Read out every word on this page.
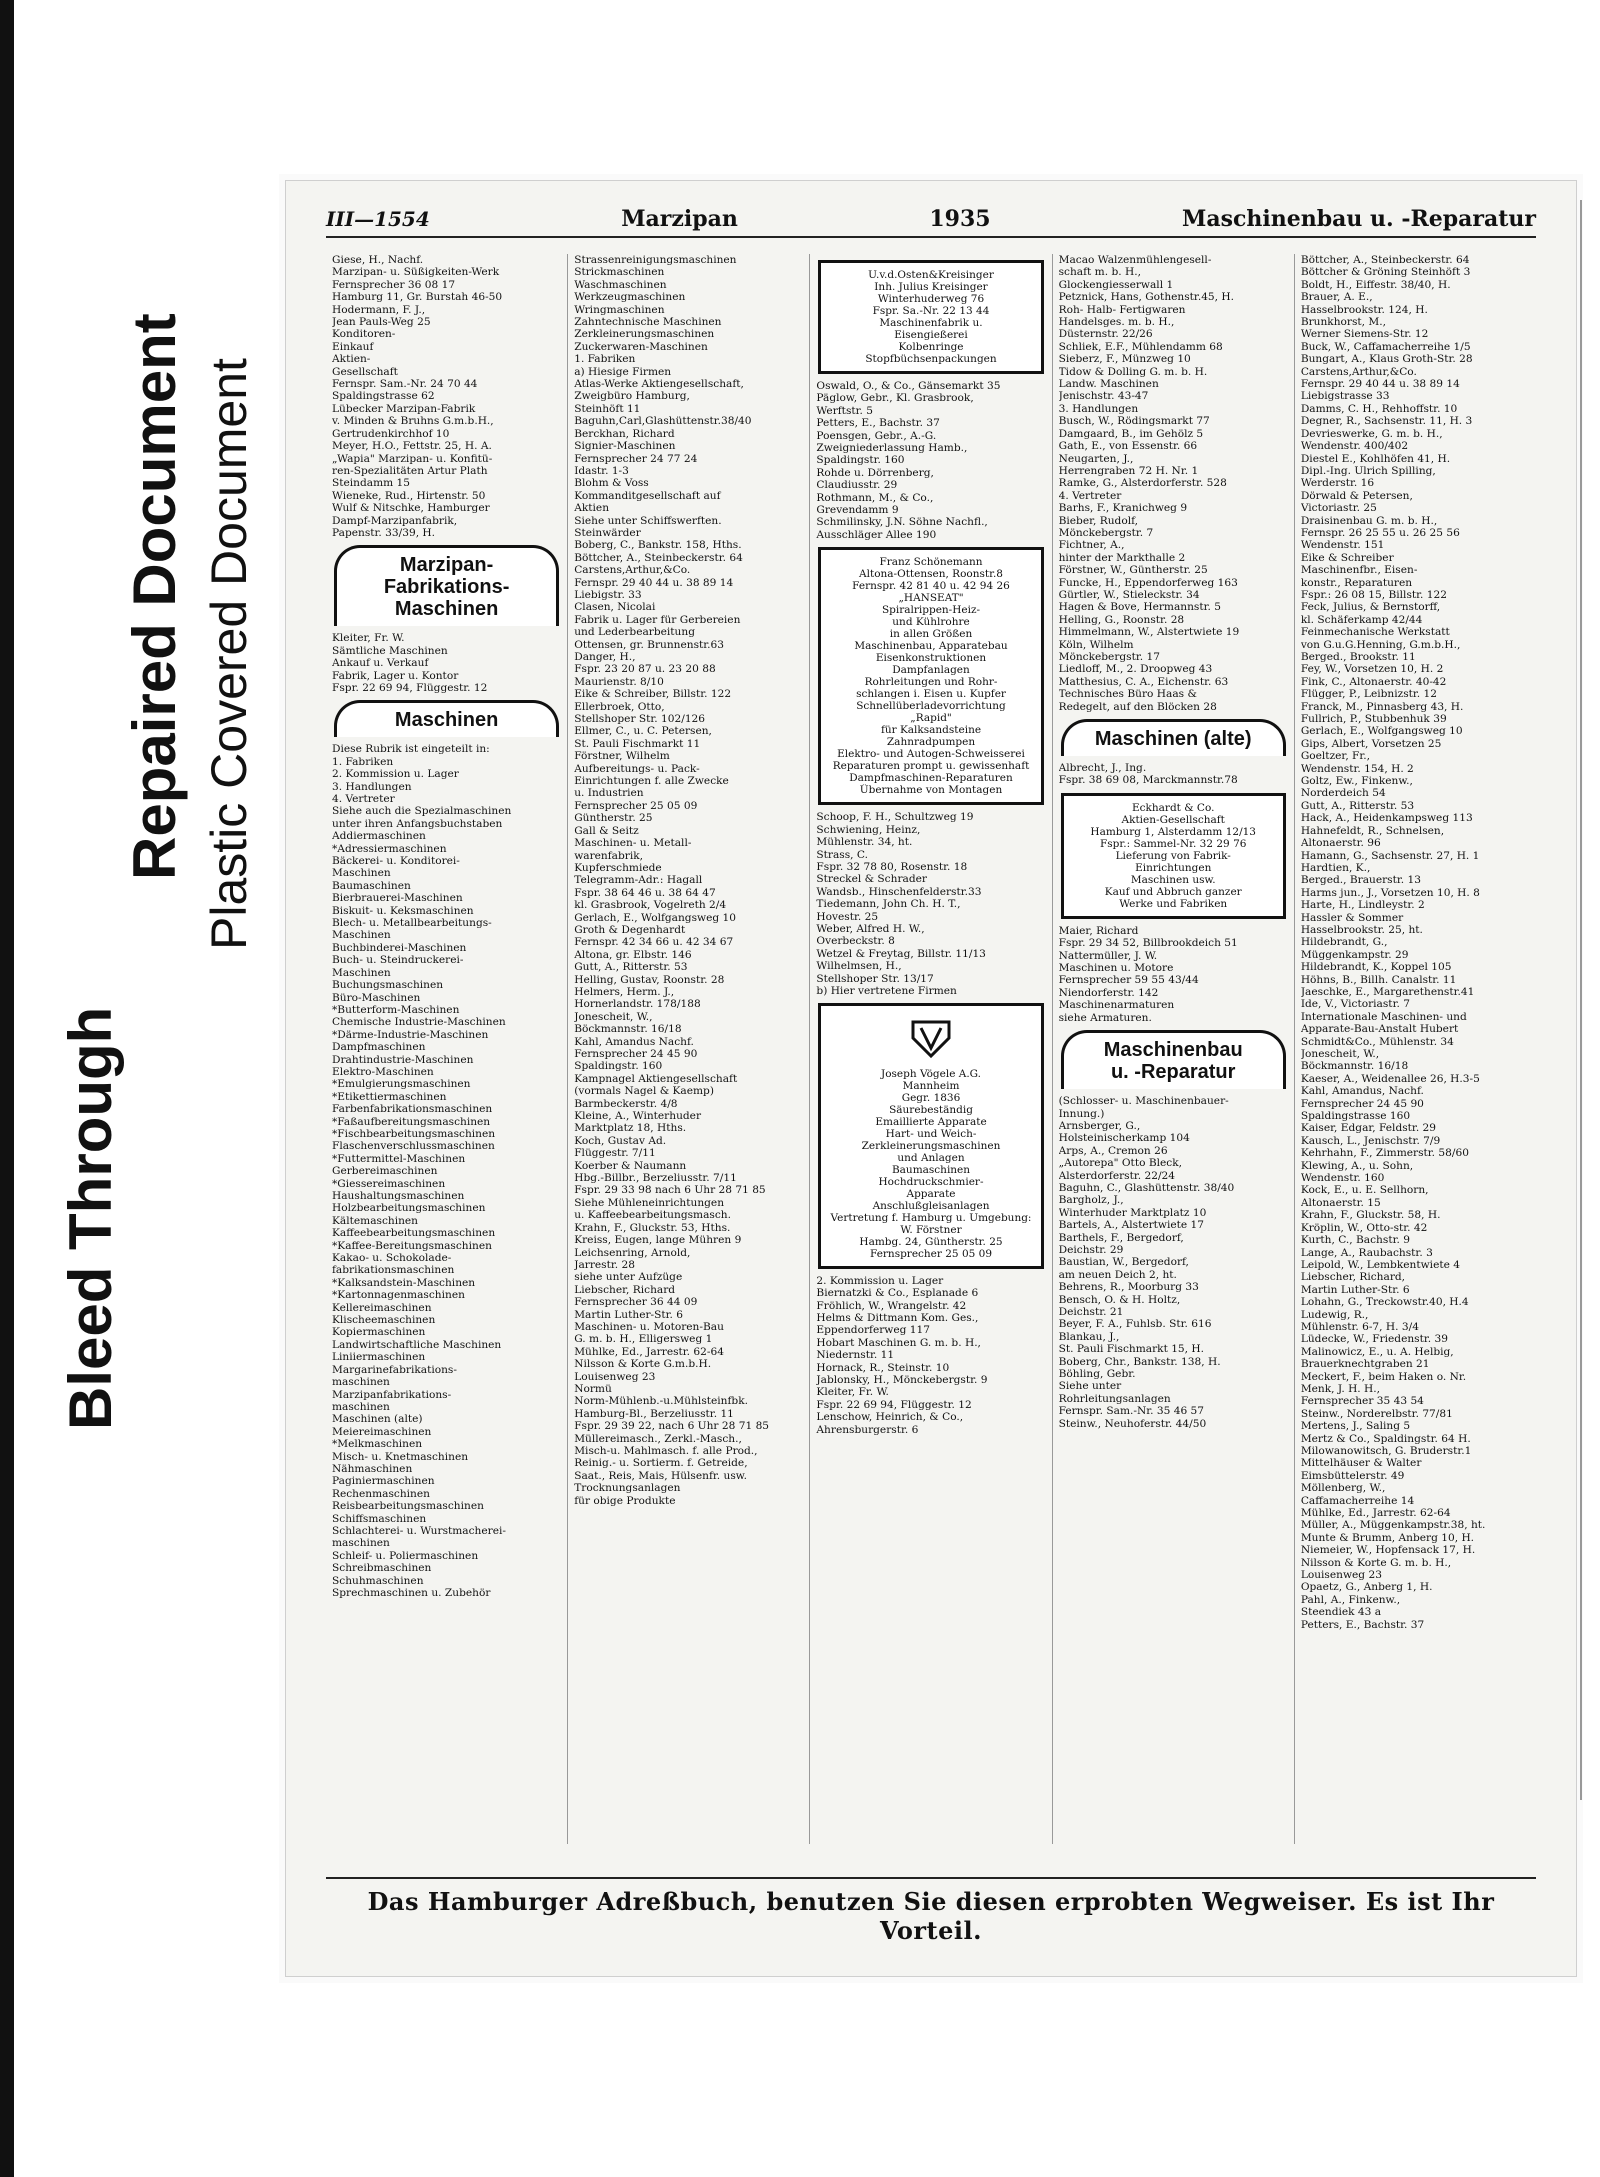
Bleed Through
Repaired Document Plastic Covered Document
III—1554	Marzipan	1935	Maschinenbau u. -Reparatur
Giese, H., Nachf.
Marzipan- u. Süßigkeiten-Werk
Fernsprecher 36 08 17
Hamburg 11, Gr. Burstah 46-50
Hodermann, F. J.,
Jean Pauls-Weg 25
Konditoren-
Einkauf
Aktien-
Gesellschaft
Fernspr. Sam.-Nr. 24 70 44
Spaldingstrasse 62
Lübecker Marzipan-Fabrik
v. Minden & Bruhns G.m.b.H.,
Gertrudenkirchhof 10
Meyer, H.O., Fettstr. 25, H. A.
„Wapia" Marzipan- u. Konfitü-
ren-Spezialitäten Artur Plath
Steindamm 15
Wieneke, Rud., Hirtenstr. 50
Wulf & Nitschke, Hamburger
Dampf-Marzipanfabrik,
Papenstr. 33/39, H.
Marzipan-
Fabrikations-
Maschinen
Kleiter, Fr. W.
Sämtliche Maschinen
Ankauf u. Verkauf
Fabrik, Lager u. Kontor
Fspr. 22 69 94, Flüggestr. 12
Maschinen
Diese Rubrik ist eingeteilt in:
1. Fabriken
2. Kommission u. Lager
3. Handlungen
4. Vertreter
Siehe auch die Spezialmaschinen
unter ihren Anfangsbuchstaben
Addiermaschinen
*Adressiermaschinen
Bäckerei- u. Konditorei-
Maschinen
Baumaschinen
Bierbrauerei-Maschinen
Biskuit- u. Keksmaschinen
Blech- u. Metallbearbeitungs-
Maschinen
Buchbinderei-Maschinen
Buch- u. Steindruckerei-
Maschinen
Buchungsmaschinen
Büro-Maschinen
*Butterform-Maschinen
Chemische Industrie-Maschinen
*Därme-Industrie-Maschinen
Dampfmaschinen
Drahtindustrie-Maschinen
Elektro-Maschinen
*Emulgierungsmaschinen
*Etikettiermaschinen
Farbenfabrikationsmaschinen
*Faßaufbereitungsmaschinen
*Fischbearbeitungsmaschinen
Flaschenverschlussmaschinen
*Futtermittel-Maschinen
Gerbereimaschinen
*Giessereimaschinen
Haushaltungsmaschinen
Holzbearbeitungsmaschinen
Kältemaschinen
Kaffeebearbeitungsmaschinen
*Kaffee-Bereitungsmaschinen
Kakao- u. Schokolade-
fabrikationsmaschinen
*Kalksandstein-Maschinen
*Kartonnagenmaschinen
Kellereimaschinen
Klischeemaschinen
Kopiermaschinen
Landwirtschaftliche Maschinen
Liniiermaschinen
Margarinefabrikations-
maschinen
Marzipanfabrikations-
maschinen
Maschinen (alte)
Meiereimaschinen
*Melkmaschinen
Misch- u. Knetmaschinen
Nähmaschinen
Paginiermaschinen
Rechenmaschinen
Reisbearbeitungsmaschinen
Schiffsmaschinen
Schlachterei- u. Wurstmacherei-
maschinen
Schleif- u. Poliermaschinen
Schreibmaschinen
Schuhmaschinen
Sprechmaschinen u. Zubehör
Strassenreinigungsmaschinen
Strickmaschinen
Waschmaschinen
Werkzeugmaschinen
Wringmaschinen
Zahntechnische Maschinen
Zerkleinerungsmaschinen
Zuckerwaren-Maschinen
1. Fabriken
a) Hiesige Firmen
Atlas-Werke Aktiengesellschaft,
Zweigbüro Hamburg,
Steinhöft 11
Baguhn,Carl,Glashüttenstr.38/40
Berckhan, Richard
Signier-Maschinen
Fernsprecher 24 77 24
Idastr. 1-3
Blohm & Voss
Kommanditgesellschaft auf
Aktien
Siehe unter Schiffswerften.
Steinwärder
Boberg, C., Bankstr. 158, Hths.
Böttcher, A., Steinbeckerstr. 64
Carstens,Arthur,&Co.
Fernspr. 29 40 44 u. 38 89 14
Liebigstr. 33
Clasen, Nicolai
Fabrik u. Lager für Gerbereien
und Lederbearbeitung
Ottensen, gr. Brunnenstr.63
Danger, H.,
Fspr. 23 20 87 u. 23 20 88
Maurienstr. 8/10
Eike & Schreiber, Billstr. 122
Ellerbroek, Otto,
Stellshoper Str. 102/126
Ellmer, C., u. C. Petersen,
St. Pauli Fischmarkt 11
Förstner, Wilhelm
Aufbereitungs- u. Pack-
Einrichtungen f. alle Zwecke
u. Industrien
Fernsprecher 25 05 09
Güntherstr. 25
Gall & Seitz
Maschinen- u. Metall-
warenfabrik,
Kupferschmiede
Telegramm-Adr.: Hagall
Fspr. 38 64 46 u. 38 64 47
kl. Grasbrook, Vogelreth 2/4
Gerlach, E., Wolfgangsweg 10
Groth & Degenhardt
Fernspr. 42 34 66 u. 42 34 67
Altona, gr. Elbstr. 146
Gutt, A., Ritterstr. 53
Helling, Gustav, Roonstr. 28
Helmers, Herm. J.,
Hornerlandstr. 178/188
Jonescheit, W.,
Böckmannstr. 16/18
Kahl, Amandus Nachf.
Fernsprecher 24 45 90
Spaldingstr. 160
Kampnagel Aktiengesellschaft
(vormals Nagel & Kaemp)
Barmbeckerstr. 4/8
Kleine, A., Winterhuder
Marktplatz 18, Hths.
Koch, Gustav Ad.
Flüggestr. 7/11
Koerber & Naumann
Hbg.-Billbr., Berzeliusstr. 7/11
Fspr. 29 33 98 nach 6 Uhr 28 71 85
Siehe Mühleneinrichtungen
u. Kaffeebearbeitungsmasch.
Krahn, F., Gluckstr. 53, Hths.
Kreiss, Eugen, lange Mühren 9
Leichsenring, Arnold,
Jarrestr. 28
siehe unter Aufzüge
Liebscher, Richard
Fernsprecher 36 44 09
Martin Luther-Str. 6
Maschinen- u. Motoren-Bau
G. m. b. H., Elligersweg 1
Mühlke, Ed., Jarrestr. 62-64
Nilsson & Korte G.m.b.H.
Louisenweg 23
Normü
Norm-Mühlenb.-u.Mühlsteinfbk.
Hamburg-Bl., Berzeliusstr. 11
Fspr. 29 39 22, nach 6 Uhr 28 71 85
Müllereimasch., Zerkl.-Masch.,
Misch-u. Mahlmasch. f. alle Prod.,
Reinig.- u. Sortierm. f. Getreide,
Saat., Reis, Mais, Hülsenfr. usw.
Trocknungsanlagen
für obige Produkte
U.v.d.Osten&Kreisinger
Inh. Julius Kreisinger
Winterhuderweg 76
Fspr. Sa.-Nr. 22 13 44
Maschinenfabrik u.
Eisengießerei
Kolbenringe
Stopfbüchsenpackungen
Oswald, O., & Co., Gänsemarkt 35
Päglow, Gebr., Kl. Grasbrook,
Werftstr. 5
Petters, E., Bachstr. 37
Poensgen, Gebr., A.-G.
Zweigniederlassung Hamb.,
Spaldingstr. 160
Rohde u. Dörrenberg,
Claudiusstr. 29
Rothmann, M., & Co.,
Grevendamm 9
Schmilinsky, J.N. Söhne Nachfl.,
Ausschläger Allee 190
Franz Schönemann
Altona-Ottensen, Roonstr.8
Fernspr. 42 81 40 u. 42 94 26
„HANSEAT"
Spiralrippen-Heiz-
und Kühlrohre
in allen Größen
Maschinenbau, Apparatebau
Eisenkonstruktionen
Dampfanlagen
Rohrleitungen und Rohr-
schlangen i. Eisen u. Kupfer
Schnellüberladevorrichtung
„Rapid"
für Kalksandsteine
Zahnradpumpen
Elektro- und Autogen-Schweisserei
Reparaturen prompt u. gewissenhaft
Dampfmaschinen-Reparaturen
Übernahme von Montagen
Schoop, F. H., Schultzweg 19
Schwiening, Heinz,
Mühlenstr. 34, ht.
Strass, C.
Fspr. 32 78 80, Rosenstr. 18
Streckel & Schrader
Wandsb., Hinschenfelderstr.33
Tiedemann, John Ch. H. T.,
Hovestr. 25
Weber, Alfred H. W.,
Overbeckstr. 8
Wetzel & Freytag, Billstr. 11/13
Wilhelmsen, H.,
Stellshoper Str. 13/17
b) Hier vertretene Firmen
Joseph Vögele A.G.
Mannheim
Gegr. 1836
Säurebeständig
Emaillierte Apparate
Hart- und Weich-
Zerkleinerungsmaschinen
und Anlagen
Baumaschinen
Hochdruckschmier-
Apparate
Anschlußgleisanlagen
Vertretung f. Hamburg u. Umgebung:
W. Förstner
Hambg. 24, Güntherstr. 25
Fernsprecher 25 05 09
2. Kommission u. Lager
Biernatzki & Co., Esplanade 6
Fröhlich, W., Wrangelstr. 42
Helms & Dittmann Kom. Ges.,
Eppendorferweg 117
Hobart Maschinen G. m. b. H.,
Niedernstr. 11
Hornack, R., Steinstr. 10
Jablonsky, H., Mönckebergstr. 9
Kleiter, Fr. W.
Fspr. 22 69 94, Flüggestr. 12
Lenschow, Heinrich, & Co.,
Ahrensburgerstr. 6
Macao Walzenmühlengesell-
schaft m. b. H.,
Glockengiesserwall 1
Petznick, Hans, Gothenstr.45, H.
Roh- Halb- Fertigwaren
Handelsges. m. b. H.,
Düsternstr. 22/26
Schliek, E.F., Mühlendamm 68
Sieberz, F., Münzweg 10
Tidow & Dolling G. m. b. H.
Landw. Maschinen
Jenischstr. 43-47
3. Handlungen
Busch, W., Rödingsmarkt 77
Damgaard, B., im Gehölz 5
Gath, E., von Essenstr. 66
Neugarten, J.,
Herrengraben 72 H. Nr. 1
Ramke, G., Alsterdorferstr. 528
4. Vertreter
Barhs, F., Kranichweg 9
Bieber, Rudolf,
Mönckebergstr. 7
Fichtner, A.,
hinter der Markthalle 2
Förstner, W., Güntherstr. 25
Funcke, H., Eppendorferweg 163
Gürtler, W., Stieleckstr. 34
Hagen & Bove, Hermannstr. 5
Helling, G., Roonstr. 28
Himmelmann, W., Alstertwiete 19
Köln, Wilhelm
Mönckebergstr. 17
Liedloff, M., 2. Droopweg 43
Matthesius, C. A., Eichenstr. 63
Technisches Büro Haas &
Redegelt, auf den Blöcken 28
Maschinen (alte)
Albrecht, J., Ing.
Fspr. 38 69 08, Marckmannstr.78
Eckhardt & Co.
Aktien-Gesellschaft
Hamburg 1, Alsterdamm 12/13
Fspr.: Sammel-Nr. 32 29 76
Lieferung von Fabrik-
Einrichtungen
Maschinen usw.
Kauf und Abbruch ganzer
Werke und Fabriken
Maier, Richard
Fspr. 29 34 52, Billbrookdeich 51
Nattermüller, J. W.
Maschinen u. Motore
Fernsprecher 59 55 43/44
Niendorferstr. 142
Maschinenarmaturen
siehe Armaturen.
Maschinenbau
u. -Reparatur
(Schlosser- u. Maschinenbauer-
Innung.)
Arnsberger, G.,
Holsteinischerkamp 104
Arps, A., Cremon 26
„Autorepa" Otto Bleck,
Alsterdorferstr. 22/24
Baguhn, C., Glashüttenstr. 38/40
Bargholz, J.,
Winterhuder Marktplatz 10
Bartels, A., Alstertwiete 17
Barthels, F., Bergedorf,
Deichstr. 29
Baustian, W., Bergedorf,
am neuen Deich 2, ht.
Behrens, R., Moorburg 33
Bensch, O. & H. Holtz,
Deichstr. 21
Beyer, F. A., Fuhlsb. Str. 616
Blankau, J.,
St. Pauli Fischmarkt 15, H.
Boberg, Chr., Bankstr. 138, H.
Böhling, Gebr.
Siehe unter
Rohrleitungsanlagen
Fernspr. Sam.-Nr. 35 46 57
Steinw., Neuhoferstr. 44/50
Böttcher, A., Steinbeckerstr. 64
Böttcher & Gröning Steinhöft 3
Boldt, H., Eiffestr. 38/40, H.
Brauer, A. E.,
Hasselbrookstr. 124, H.
Brunkhorst, M.,
Werner Siemens-Str. 12
Buck, W., Caffamacherreihe 1/5
Bungart, A., Klaus Groth-Str. 28
Carstens,Arthur,&Co.
Fernspr. 29 40 44 u. 38 89 14
Liebigstrasse 33
Damms, C. H., Rehhoffstr. 10
Degner, R., Sachsenstr. 11, H. 3
Devrieswerke, G. m. b. H.,
Wendenstr. 400/402
Diestel E., Kohlhöfen 41, H.
Dipl.-Ing. Ulrich Spilling,
Werderstr. 16
Dörwald & Petersen,
Victoriastr. 25
Draisinenbau G. m. b. H.,
Fernspr. 26 25 55 u. 26 25 56
Wendenstr. 151
Eike & Schreiber
Maschinenfbr., Eisen-
konstr., Reparaturen
Fspr.: 26 08 15, Billstr. 122
Feck, Julius, & Bernstorff,
kl. Schäferkamp 42/44
Feinmechanische Werkstatt
von G.u.G.Henning, G.m.b.H.,
Berged., Brookstr. 11
Fey, W., Vorsetzen 10, H. 2
Fink, C., Altonaerstr. 40-42
Flügger, P., Leibnizstr. 12
Franck, M., Pinnasberg 43, H.
Fullrich, P., Stubbenhuk 39
Gerlach, E., Wolfgangsweg 10
Gips, Albert, Vorsetzen 25
Goeltzer, Fr.,
Wendenstr. 154, H. 2
Goltz, Ew., Finkenw.,
Norderdeich 54
Gutt, A., Ritterstr. 53
Hack, A., Heidenkampsweg 113
Hahnefeldt, R., Schnelsen,
Altonaerstr. 96
Hamann, G., Sachsenstr. 27, H. 1
Hardtien, K.,
Berged., Brauerstr. 13
Harms jun., J., Vorsetzen 10, H. 8
Harte, H., Lindleystr. 2
Hassler & Sommer
Hasselbrookstr. 25, ht.
Hildebrandt, G.,
Müggenkampstr. 29
Hildebrandt, K., Koppel 105
Höhns, B., Billh. Canalstr. 11
Jaeschke, E., Margarethenstr.41
Ide, V., Victoriastr. 7
Internationale Maschinen- und
Apparate-Bau-Anstalt Hubert
Schmidt&Co., Mühlenstr. 34
Jonescheit, W.,
Böckmannstr. 16/18
Kaeser, A., Weidenallee 26, H.3-5
Kahl, Amandus, Nachf.
Fernsprecher 24 45 90
Spaldingstrasse 160
Kaiser, Edgar, Feldstr. 29
Kausch, L., Jenischstr. 7/9
Kehrhahn, F., Zimmerstr. 58/60
Klewing, A., u. Sohn,
Wendenstr. 160
Kock, E., u. E. Sellhorn,
Altonaerstr. 15
Krahn, F., Gluckstr. 58, H.
Kröplin, W., Otto-str. 42
Kurth, C., Bachstr. 9
Lange, A., Raubachstr. 3
Leipold, W., Lembkentwiete 4
Liebscher, Richard,
Martin Luther-Str. 6
Lohahn, G., Treckowstr.40, H.4
Ludewig, R.,
Mühlenstr. 6-7, H. 3/4
Lüdecke, W., Friedenstr. 39
Malinowicz, E., u. A. Helbig,
Brauerknechtgraben 21
Meckert, F., beim Haken o. Nr.
Menk, J. H. H.,
Fernsprecher 35 43 54
Steinw., Norderelbstr. 77/81
Mertens, J., Saling 5
Mertz & Co., Spaldingstr. 64 H.
Milowanowitsch, G. Bruderstr.1
Mittelhäuser & Walter
Eimsbüttelerstr. 49
Möllenberg, W.,
Caffamacherreihe 14
Mühlke, Ed., Jarrestr. 62-64
Müller, A., Müggenkampstr.38, ht.
Munte & Brumm, Anberg 10, H.
Niemeier, W., Hopfensack 17, H.
Nilsson & Korte G. m. b. H.,
Louisenweg 23
Opaetz, G., Anberg 1, H.
Pahl, A., Finkenw.,
Steendiek 43 a
Petters, E., Bachstr. 37
Das Hamburger Adreßbuch, benutzen Sie diesen erprobten Wegweiser. Es ist Ihr Vorteil.
